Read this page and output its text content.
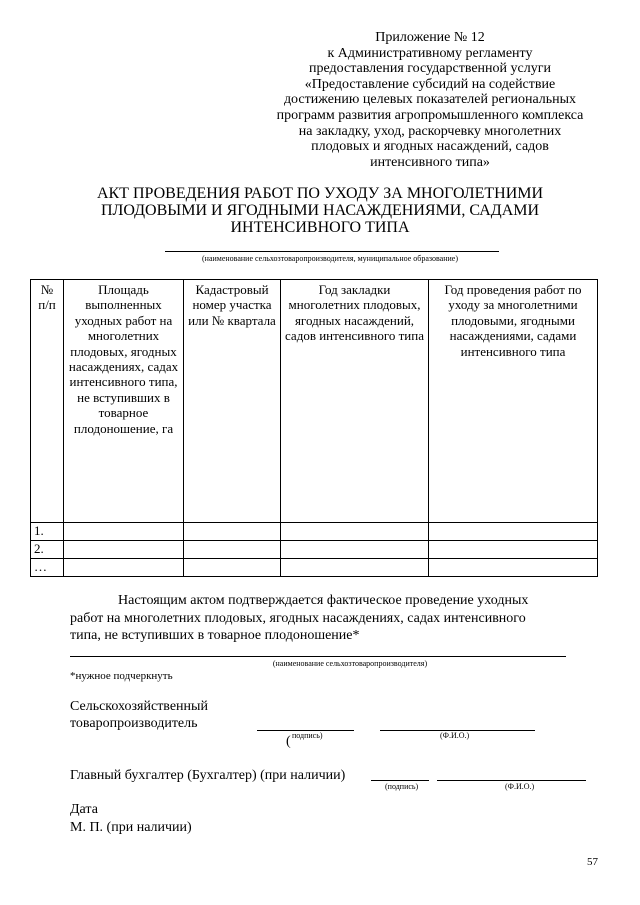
Приложение № 12
к Административному регламенту
предоставления государственной услуги
«Предоставление субсидий на содействие
достижению целевых показателей региональных
программ развития агропромышленного комплекса
на закладку, уход, раскорчевку многолетних
плодовых и ягодных насаждений, садов
интенсивного типа»
АКТ ПРОВЕДЕНИЯ РАБОТ ПО УХОДУ ЗА МНОГОЛЕТНИМИ
ПЛОДОВЫМИ И ЯГОДНЫМИ НАСАЖДЕНИЯМИ, САДАМИ
ИНТЕНСИВНОГО ТИПА
(наименование сельхозтоваропроизводителя, муниципальное образование)
№ п/п	Площадь выполненных уходных работ на многолетних плодовых, ягодных насаждениях, садах интенсивного типа, не вступивших в товарное плодоношение, га	Кадастровый номер участка или № квартала	Год закладки многолетних плодовых, ягодных насаждений, садов интенсивного типа	Год проведения работ по уходу за многолетними плодовыми, ягодными насаждениями, садами интенсивного типа
1.				
2.				
…				
Настоящим актом подтверждается фактическое проведение уходных
работ на многолетних плодовых, ягодных насаждениях, садах интенсивного
типа, не вступивших в товарное плодоношение*
(наименование сельхозтоваропроизводителя)
*нужное подчеркнуть
Сельскохозяйственный
товаропроизводитель
( подпись)	(Ф.И.О.)
Главный бухгалтер (Бухгалтер) (при наличии)
(подпись)	(Ф.И.О.)
Дата
М. П. (при наличии)
57
